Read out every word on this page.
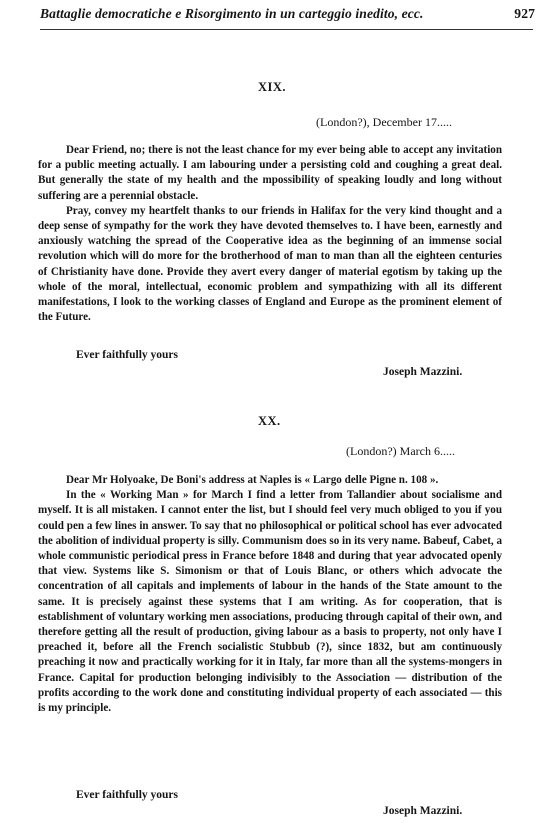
Battaglie democratiche e Risorgimento in un carteggio inedito, ecc.	927
XIX.
(London?), December 17.....

Dear Friend, no; there is not the least chance for my ever being able to accept any invitation for a public meeting actually. I am labouring under a persisting cold and coughing a great deal. But generally the state of my health and the mpossibility of speaking loudly and long without suffering are a perennial obstacle.

Pray, convey my heartfelt thanks to our friends in Halifax for the very kind thought and a deep sense of sympathy for the work they have devoted themselves to. I have been, earnestly and anxiously watching the spread of the Cooperative idea as the beginning of an immense social revolution which will do more for the brotherhood of man to man than all the eighteen centuries of Christianity have done. Provide they avert every danger of material egotism by taking up the whole of the moral, intellectual, economic problem and sympathizing with all its different manifestations, I look to the working classes of England and Europe as the prominent element of the Future.

Ever faithfully yours
Joseph Mazzini.
XX.
(London?) March 6.....

Dear Mr Holyoake, De Boni's address at Naples is « Largo delle Pigne n. 108 ».

In the « Working Man » for March I find a letter from Tallandier about socialisme and myself. It is all mistaken. I cannot enter the list, but I should feel very much obliged to you if you could pen a few lines in answer. To say that no philosophical or political school has ever advocated the abolition of individual property is silly. Communism does so in its very name. Babeuf, Cabet, a whole communistic periodical press in France before 1848 and during that year advocated openly that view. Systems like S. Simonism or that of Louis Blanc, or others which advocate the concentration of all capitals and implements of labour in the hands of the State amount to the same. It is precisely against these systems that I am writing. As for cooperation, that is establishment of voluntary working men associations, producing through capital of their own, and therefore getting all the result of production, giving labour as a basis to property, not only have I preached it, before all the French socialistic Stubbub (?), since 1832, but am continuously preaching it now and practically working for it in Italy, far more than all the systems-mongers in France. Capital for production belonging indivisibly to the Association — distribution of the profits according to the work done and constituting individual property of each associated — this is my principle.

Ever faithfully yours
Joseph Mazzini.
